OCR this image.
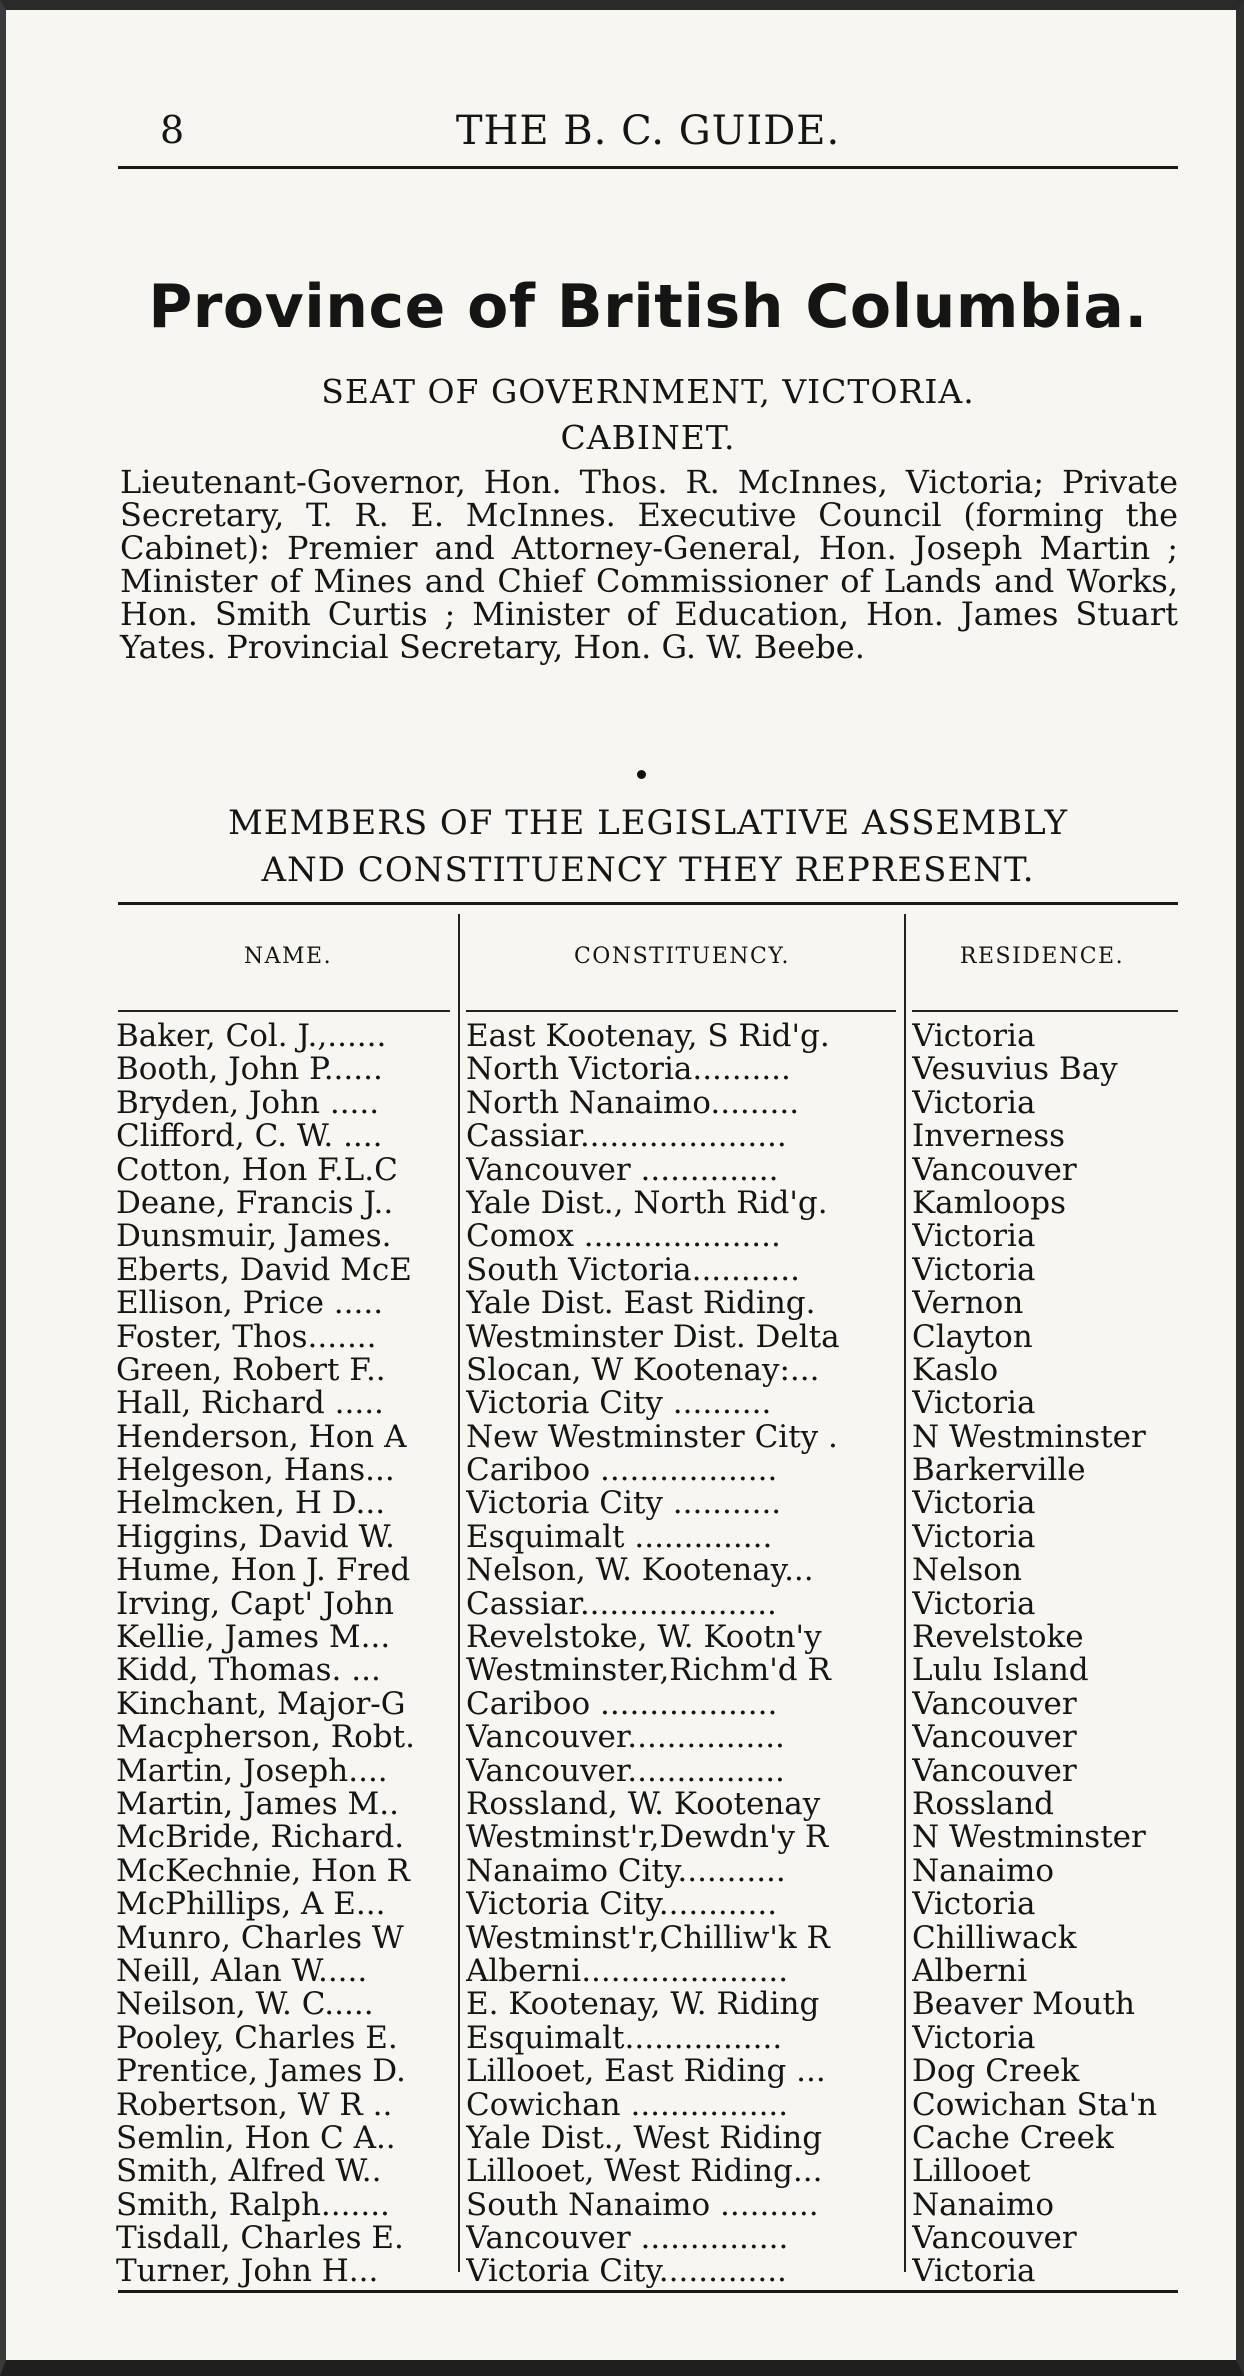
8	THE B. C. GUIDE.
Province of British Columbia.
SEAT OF GOVERNMENT, VICTORIA.
CABINET.
Lieutenant-Governor, Hon. Thos. R. McInnes, Victoria; Private Secretary, T. R. E. McInnes. Executive Council (forming the Cabinet): Premier and Attorney-General, Hon. Joseph Martin ; Minister of Mines and Chief Commissioner of Lands and Works, Hon. Smith Curtis ; Minister of Education, Hon. James Stuart Yates. Provincial Secretary, Hon. G. W. Beebe.
MEMBERS OF THE LEGISLATIVE ASSEMBLY
AND CONSTITUENCY THEY REPRESENT.
NAME.	CONSTITUENCY.	RESIDENCE.
Baker, Col. J.,......	East Kootenay, S Rid'g.	Victoria
Booth, John P......	North Victoria..........	Vesuvius Bay
Bryden, John .....	North Nanaimo.........	Victoria
Clifford, C. W. ....	Cassiar.....................	Inverness
Cotton, Hon F.L.C	Vancouver ..............	Vancouver
Deane, Francis J..	Yale Dist., North Rid'g.	Kamloops
Dunsmuir, James.	Comox ....................	Victoria
Eberts, David McE	South Victoria...........	Victoria
Ellison, Price .....	Yale Dist. East Riding.	Vernon
Foster, Thos.......	Westminster Dist. Delta	Clayton
Green, Robert F..	Slocan, W Kootenay:...	Kaslo
Hall, Richard .....	Victoria City ..........	Victoria
Henderson, Hon A	New Westminster City .	N Westminster
Helgeson, Hans...	Cariboo ..................	Barkerville
Helmcken, H D...	Victoria City ...........	Victoria
Higgins, David W.	Esquimalt ..............	Victoria
Hume, Hon J. Fred	Nelson, W. Kootenay...	Nelson
Irving, Capt' John	Cassiar....................	Victoria
Kellie, James M...	Revelstoke, W. Kootn'y	Revelstoke
Kidd, Thomas. ...	Westminster,Richm'd R	Lulu Island
Kinchant, Major-G	Cariboo ..................	Vancouver
Macpherson, Robt.	Vancouver................	Vancouver
Martin, Joseph....	Vancouver................	Vancouver
Martin, James M..	Rossland, W. Kootenay	Rossland
McBride, Richard.	Westminst'r,Dewdn'y R	N Westminster
McKechnie, Hon R	Nanaimo City...........	Nanaimo
McPhillips, A E...	Victoria City............	Victoria
Munro, Charles W	Westminst'r,Chilliw'k R	Chilliwack
Neill, Alan W.....	Alberni.....................	Alberni
Neilson, W. C.....	E. Kootenay, W. Riding	Beaver Mouth
Pooley, Charles E.	Esquimalt................	Victoria
Prentice, James D.	Lillooet, East Riding ...	Dog Creek
Robertson, W R ..	Cowichan ................	Cowichan Sta'n
Semlin, Hon C A..	Yale Dist., West Riding	Cache Creek
Smith, Alfred W..	Lillooet, West Riding...	Lillooet
Smith, Ralph.......	South Nanaimo ..........	Nanaimo
Tisdall, Charles E.	Vancouver ...............	Vancouver
Turner, John H...	Victoria City.............	Victoria
